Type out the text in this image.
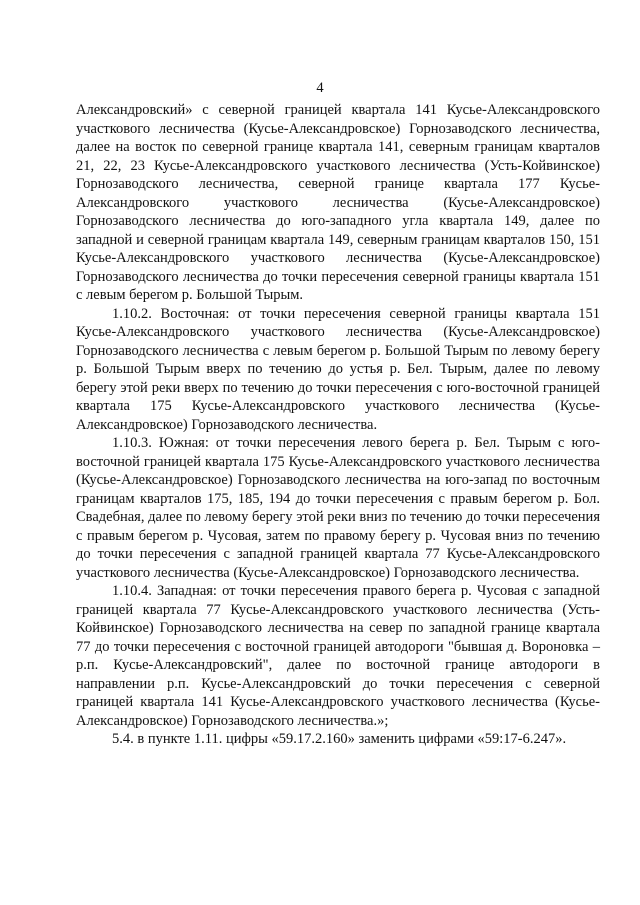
4

Александровский» с северной границей квартала 141 Кусье-Александровского участкового лесничества (Кусье-Александровское) Горнозаводского лесничества, далее на восток по северной границе квартала 141, северным границам кварталов 21, 22, 23 Кусье-Александровского участкового лесничества (Усть-Койвинское) Горнозаводского лесничества, северной границе квартала 177 Кусье-Александровского участкового лесничества (Кусье-Александровское) Горнозаводского лесничества до юго-западного угла квартала 149, далее по западной и северной границам квартала 149, северным границам кварталов 150, 151 Кусье-Александровского участкового лесничества (Кусье-Александровское) Горнозаводского лесничества до точки пересечения северной границы квартала 151 с левым берегом р. Большой Тырым.

1.10.2. Восточная: от точки пересечения северной границы квартала 151 Кусье-Александровского участкового лесничества (Кусье-Александровское) Горнозаводского лесничества с левым берегом р. Большой Тырым по левому берегу р. Большой Тырым вверх по течению до устья р. Бел. Тырым, далее по левому берегу этой реки вверх по течению до точки пересечения с юго-восточной границей квартала 175 Кусье-Александровского участкового лесничества (Кусье-Александровское) Горнозаводского лесничества.

1.10.3. Южная: от точки пересечения левого берега р. Бел. Тырым с юго-восточной границей квартала 175 Кусье-Александровского участкового лесничества (Кусье-Александровское) Горнозаводского лесничества на юго-запад по восточным границам кварталов 175, 185, 194 до точки пересечения с правым берегом р. Бол. Свадебная, далее по левому берегу этой реки вниз по течению до точки пересечения с правым берегом р. Чусовая, затем по правому берегу р. Чусовая вниз по течению до точки пересечения с западной границей квартала 77 Кусье-Александровского участкового лесничества (Кусье-Александровское) Горнозаводского лесничества.

1.10.4. Западная: от точки пересечения правого берега р. Чусовая с западной границей квартала 77 Кусье-Александровского участкового лесничества (Усть-Койвинское) Горнозаводского лесничества на север по западной границе квартала 77 до точки пересечения с восточной границей автодороги "бывшая д. Вороновка – р.п. Кусье-Александровский", далее по восточной границе автодороги в направлении р.п. Кусье-Александровский до точки пересечения с северной границей квартала 141 Кусье-Александровского участкового лесничества (Кусье-Александровское) Горнозаводского лесничества.»;

5.4. в пункте 1.11. цифры «59.17.2.160» заменить цифрами «59:17-6.247».
